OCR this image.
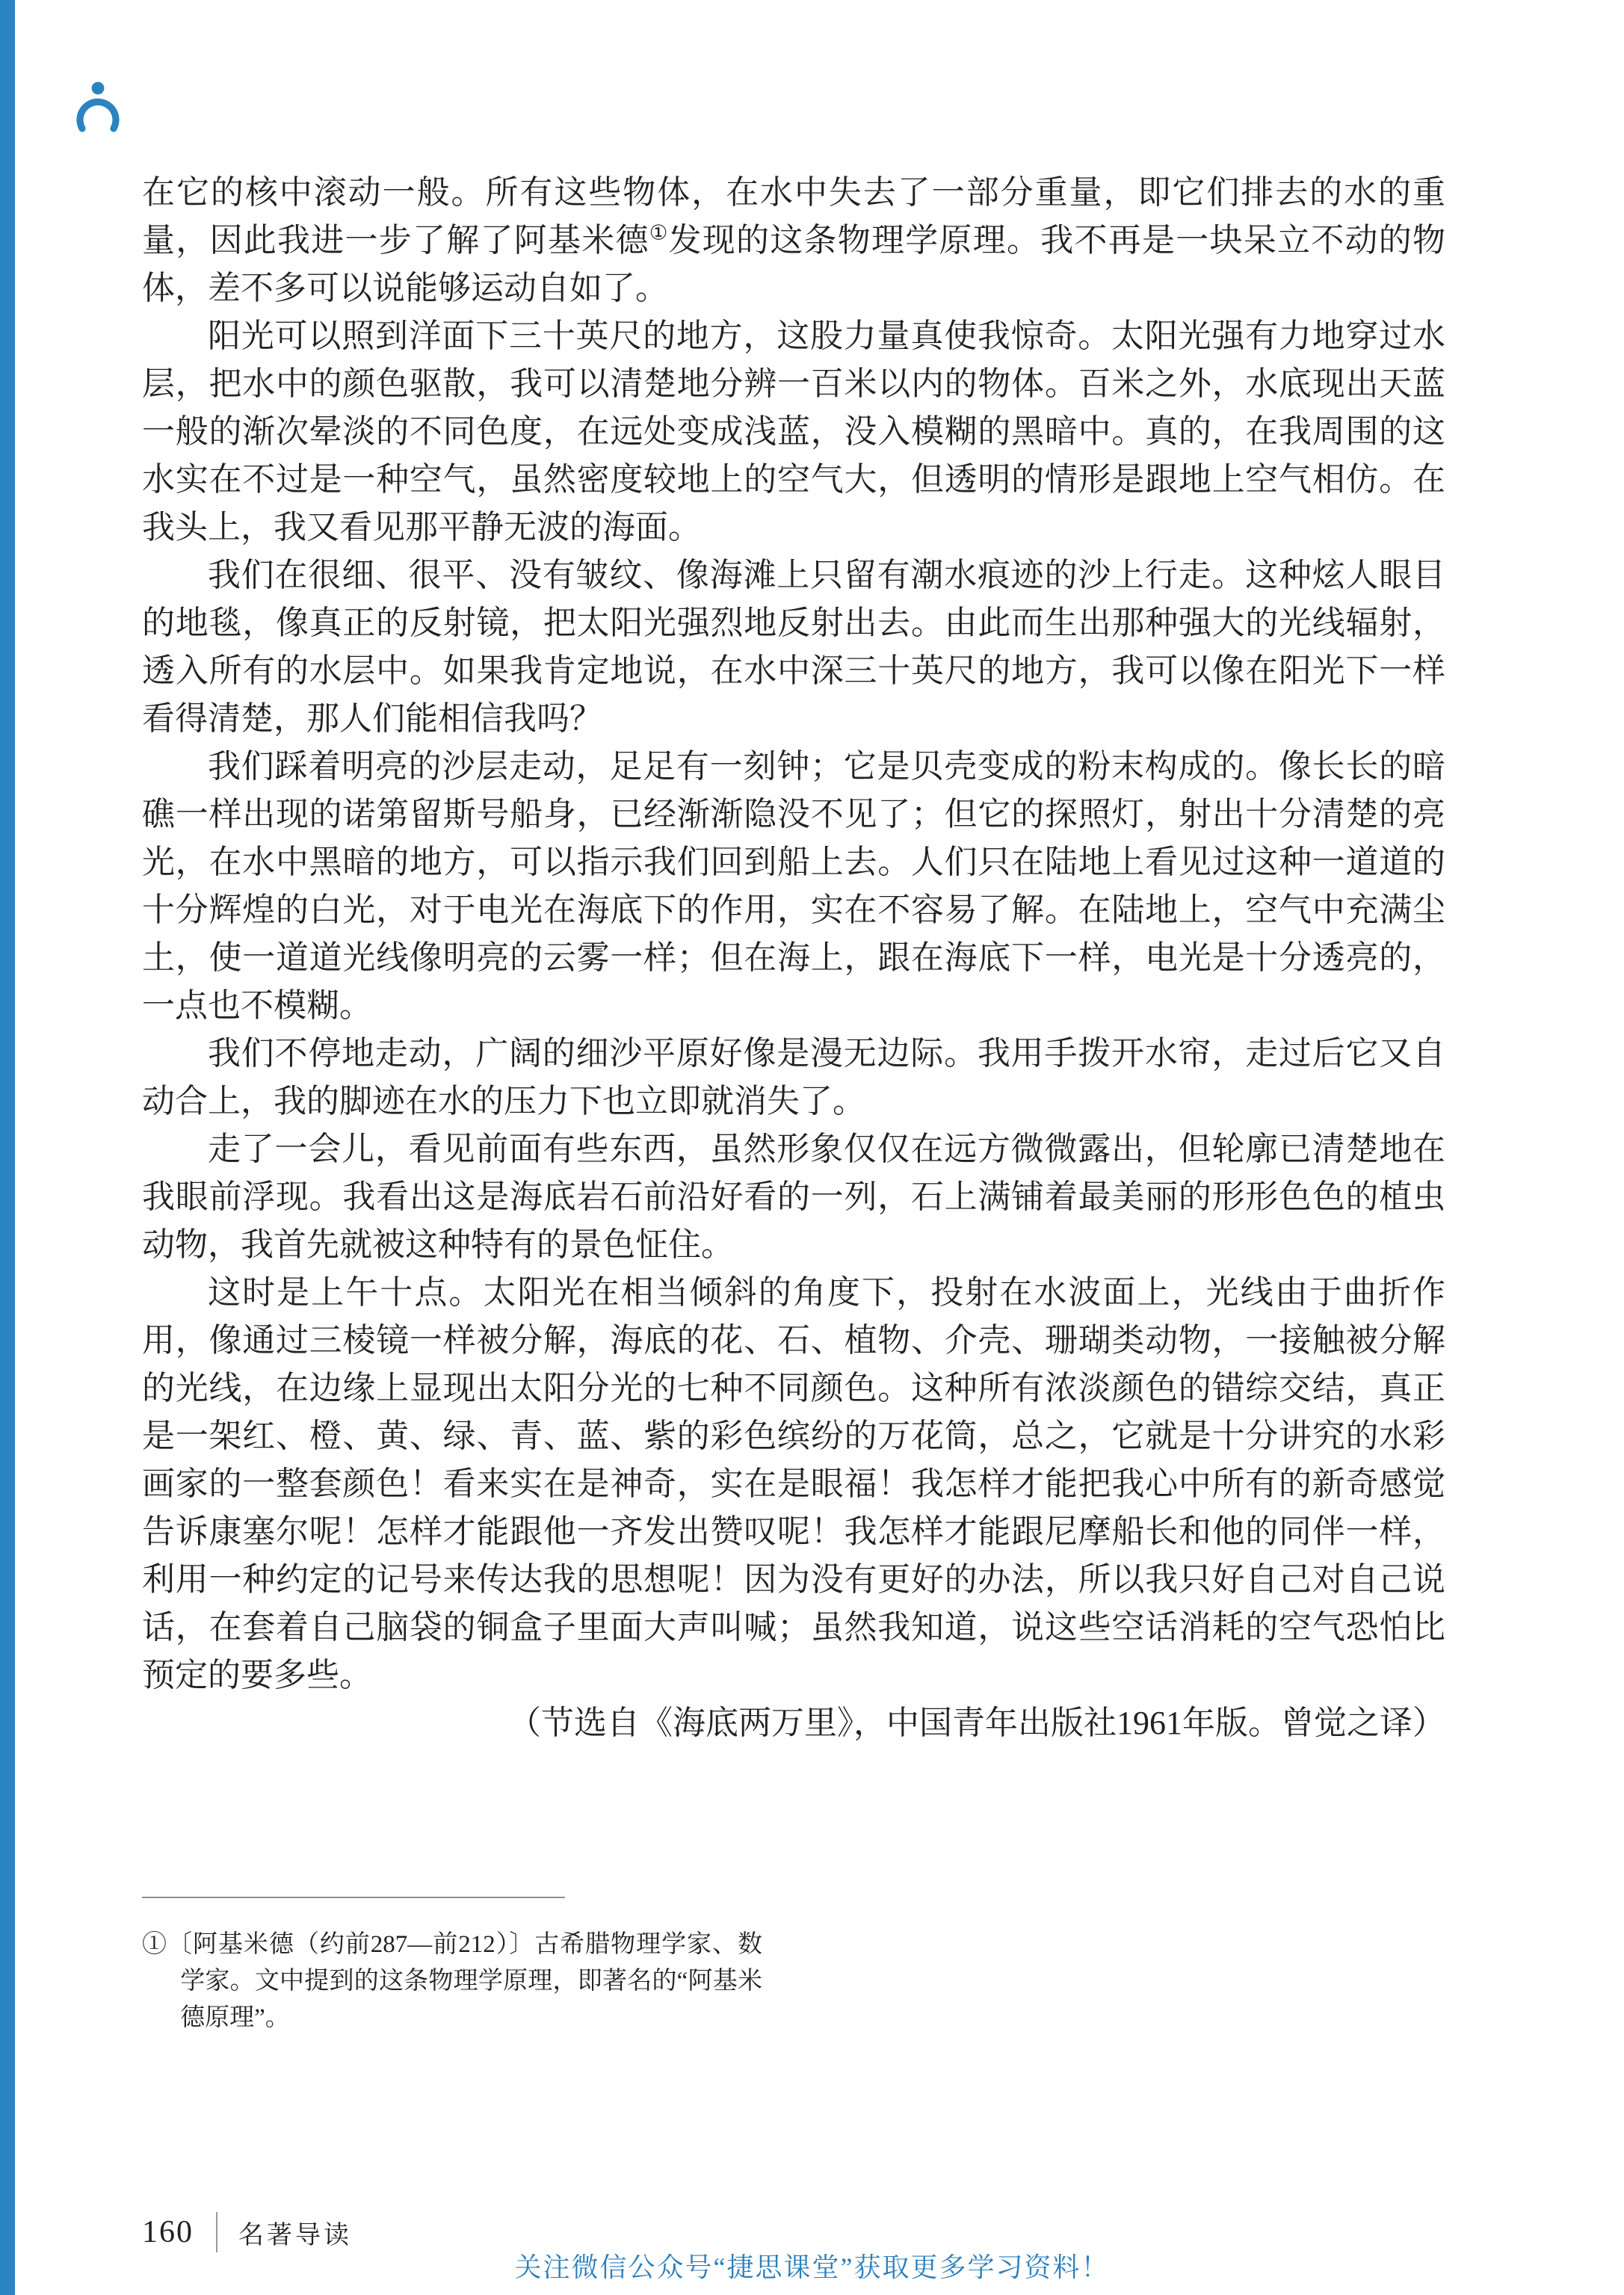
在它的核中滚动一般。所有这些物体，在水中失去了一部分重量，即它们排去的水的重量，因此我进一步了解了阿基米德①发现的这条物理学原理。我不再是一块呆立不动的物体，差不多可以说能够运动自如了。

阳光可以照到洋面下三十英尺的地方，这股力量真使我惊奇。太阳光强有力地穿过水层，把水中的颜色驱散，我可以清楚地分辨一百米以内的物体。百米之外，水底现出天蓝一般的渐次晕淡的不同色度，在远处变成浅蓝，没入模糊的黑暗中。真的，在我周围的这水实在不过是一种空气，虽然密度较地上的空气大，但透明的情形是跟地上空气相仿。在我头上，我又看见那平静无波的海面。

我们在很细、很平、没有皱纹、像海滩上只留有潮水痕迹的沙上行走。这种炫人眼目的地毯，像真正的反射镜，把太阳光强烈地反射出去。由此而生出那种强大的光线辐射，透入所有的水层中。如果我肯定地说，在水中深三十英尺的地方，我可以像在阳光下一样看得清楚，那人们能相信我吗？

我们踩着明亮的沙层走动，足足有一刻钟；它是贝壳变成的粉末构成的。像长长的暗礁一样出现的诺第留斯号船身，已经渐渐隐没不见了；但它的探照灯，射出十分清楚的亮光，在水中黑暗的地方，可以指示我们回到船上去。人们只在陆地上看见过这种一道道的十分辉煌的白光，对于电光在海底下的作用，实在不容易了解。在陆地上，空气中充满尘土，使一道道光线像明亮的云雾一样；但在海上，跟在海底下一样，电光是十分透亮的，一点也不模糊。

我们不停地走动，广阔的细沙平原好像是漫无边际。我用手拨开水帘，走过后它又自动合上，我的脚迹在水的压力下也立即就消失了。

走了一会儿，看见前面有些东西，虽然形象仅仅在远方微微露出，但轮廓已清楚地在我眼前浮现。我看出这是海底岩石前沿好看的一列，石上满铺着最美丽的形形色色的植虫动物，我首先就被这种特有的景色怔住。

这时是上午十点。太阳光在相当倾斜的角度下，投射在水波面上，光线由于曲折作用，像通过三棱镜一样被分解，海底的花、石、植物、介壳、珊瑚类动物，一接触被分解的光线，在边缘上显现出太阳分光的七种不同颜色。这种所有浓淡颜色的错综交结，真正是一架红、橙、黄、绿、青、蓝、紫的彩色缤纷的万花筒，总之，它就是十分讲究的水彩画家的一整套颜色！看来实在是神奇，实在是眼福！我怎样才能把我心中所有的新奇感觉告诉康塞尔呢！怎样才能跟他一齐发出赞叹呢！我怎样才能跟尼摩船长和他的同伴一样，利用一种约定的记号来传达我的思想呢！因为没有更好的办法，所以我只好自己对自己说话，在套着自己脑袋的铜盒子里面大声叫喊；虽然我知道，说这些空话消耗的空气恐怕比预定的要多些。

（节选自《海底两万里》，中国青年出版社1961年版。曾觉之译）

①〔阿基米德（约前287—前212）〕古希腊物理学家、数学家。文中提到的这条物理学原理，即著名的“阿基米德原理”。

160 名著导读
关注微信公众号“捷思课堂”获取更多学习资料！
